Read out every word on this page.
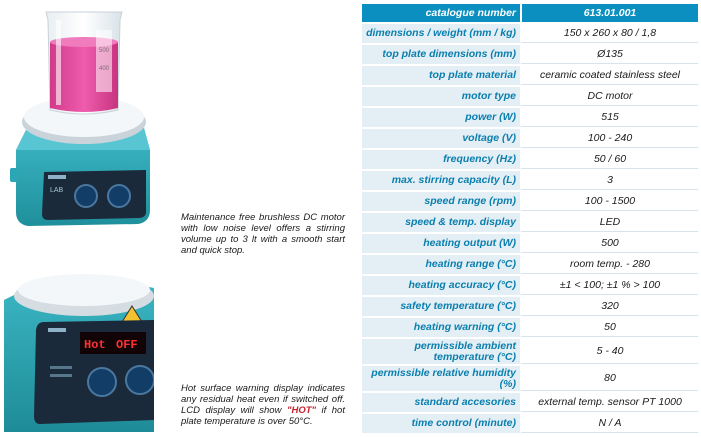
LAB
500
400
Maintenance free brushless DC motor with low noise level offers a stirring volume up to 3 lt with a smooth start and quick stop.
Hot OFF
Hot surface warning display indicates any residual heat even if switched off. LCD display will show "HOT" if hot plate temperature is over 50°C.
catalogue number	613.01.001
dimensions / weight (mm / kg)	150 x 260 x 80 / 1,8
top plate dimensions (mm)	Ø135
top plate material	ceramic coated stainless steel
motor type	DC motor
power (W)	515
voltage (V)	100 - 240
frequency (Hz)	50 / 60
max. stirring capacity (L)	3
speed range (rpm)	100 - 1500
speed & temp. display	LED
heating output (W)	500
heating range (°C)	room temp. - 280
heating accuracy (°C)	±1 < 100; ±1 % > 100
safety temperature (°C)	320
heating warning (°C)	50
permissible ambient temperature (°C)	5 - 40
permissible relative humidity (%)	80
standard accesories	external temp. sensor PT 1000
time control (minute)	N / A
